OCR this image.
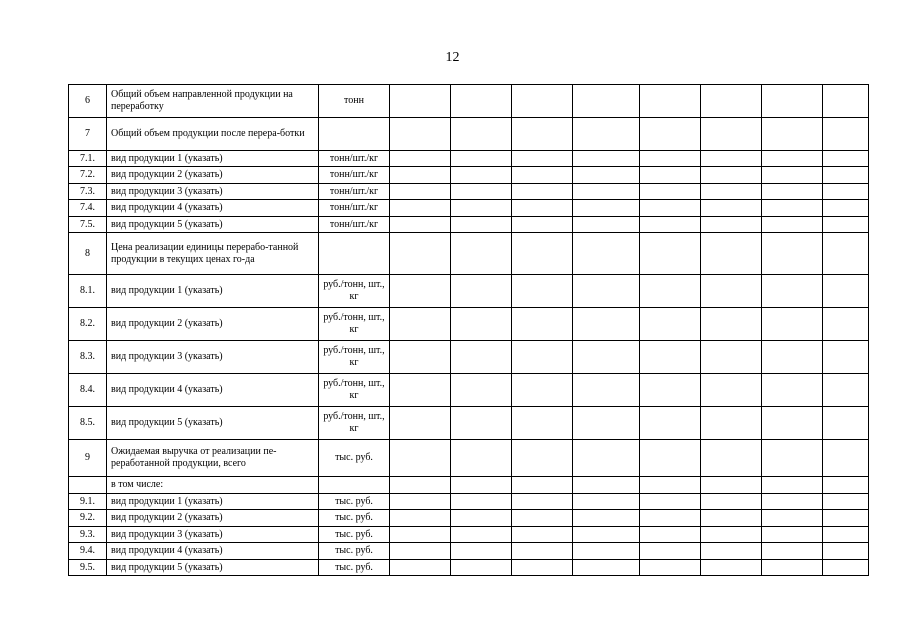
12
6	Общий объем направленной продукции на переработку	тонн								
7	Общий объем продукции после перера-ботки									
7.1.	вид продукции 1 (указать)	тонн/шт./кг								
7.2.	вид продукции 2 (указать)	тонн/шт./кг								
7.3.	вид продукции 3 (указать)	тонн/шт./кг								
7.4.	вид продукции 4 (указать)	тонн/шт./кг								
7.5.	вид продукции 5 (указать)	тонн/шт./кг								
8	Цена реализации единицы перерабо-танной продукции в текущих ценах го-да									
8.1.	вид продукции 1 (указать)	руб./тонн, шт., кг								
8.2.	вид продукции 2 (указать)	руб./тонн, шт., кг								
8.3.	вид продукции 3 (указать)	руб./тонн, шт., кг								
8.4.	вид продукции 4 (указать)	руб./тонн, шт., кг								
8.5.	вид продукции 5 (указать)	руб./тонн, шт., кг								
9	Ожидаемая выручка от реализации пе-реработанной продукции, всего	тыс. руб.								
	в том числе:									
9.1.	вид продукции 1 (указать)	тыс. руб.								
9.2.	вид продукции 2 (указать)	тыс. руб.								
9.3.	вид продукции 3 (указать)	тыс. руб.								
9.4.	вид продукции 4 (указать)	тыс. руб.								
9.5.	вид продукции 5 (указать)	тыс. руб.								
